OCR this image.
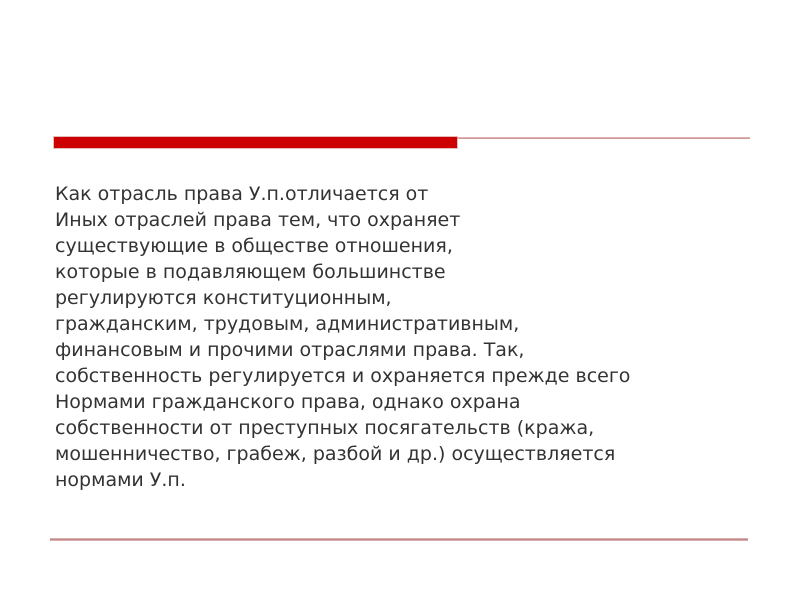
Как отрасль права У.п.отличается от
Иных отраслей права тем, что охраняет
существующие в обществе отношения,
которые в подавляющем большинстве
регулируются конституционным,
гражданским, трудовым, административным,
финансовым и прочими отраслями права. Так,
собственность регулируется и охраняется прежде всего
Нормами гражданского права, однако охрана
собственности от преступных посягательств (кража,
мошенничество, грабеж, разбой и др.) осуществляется
нормами У.п.
